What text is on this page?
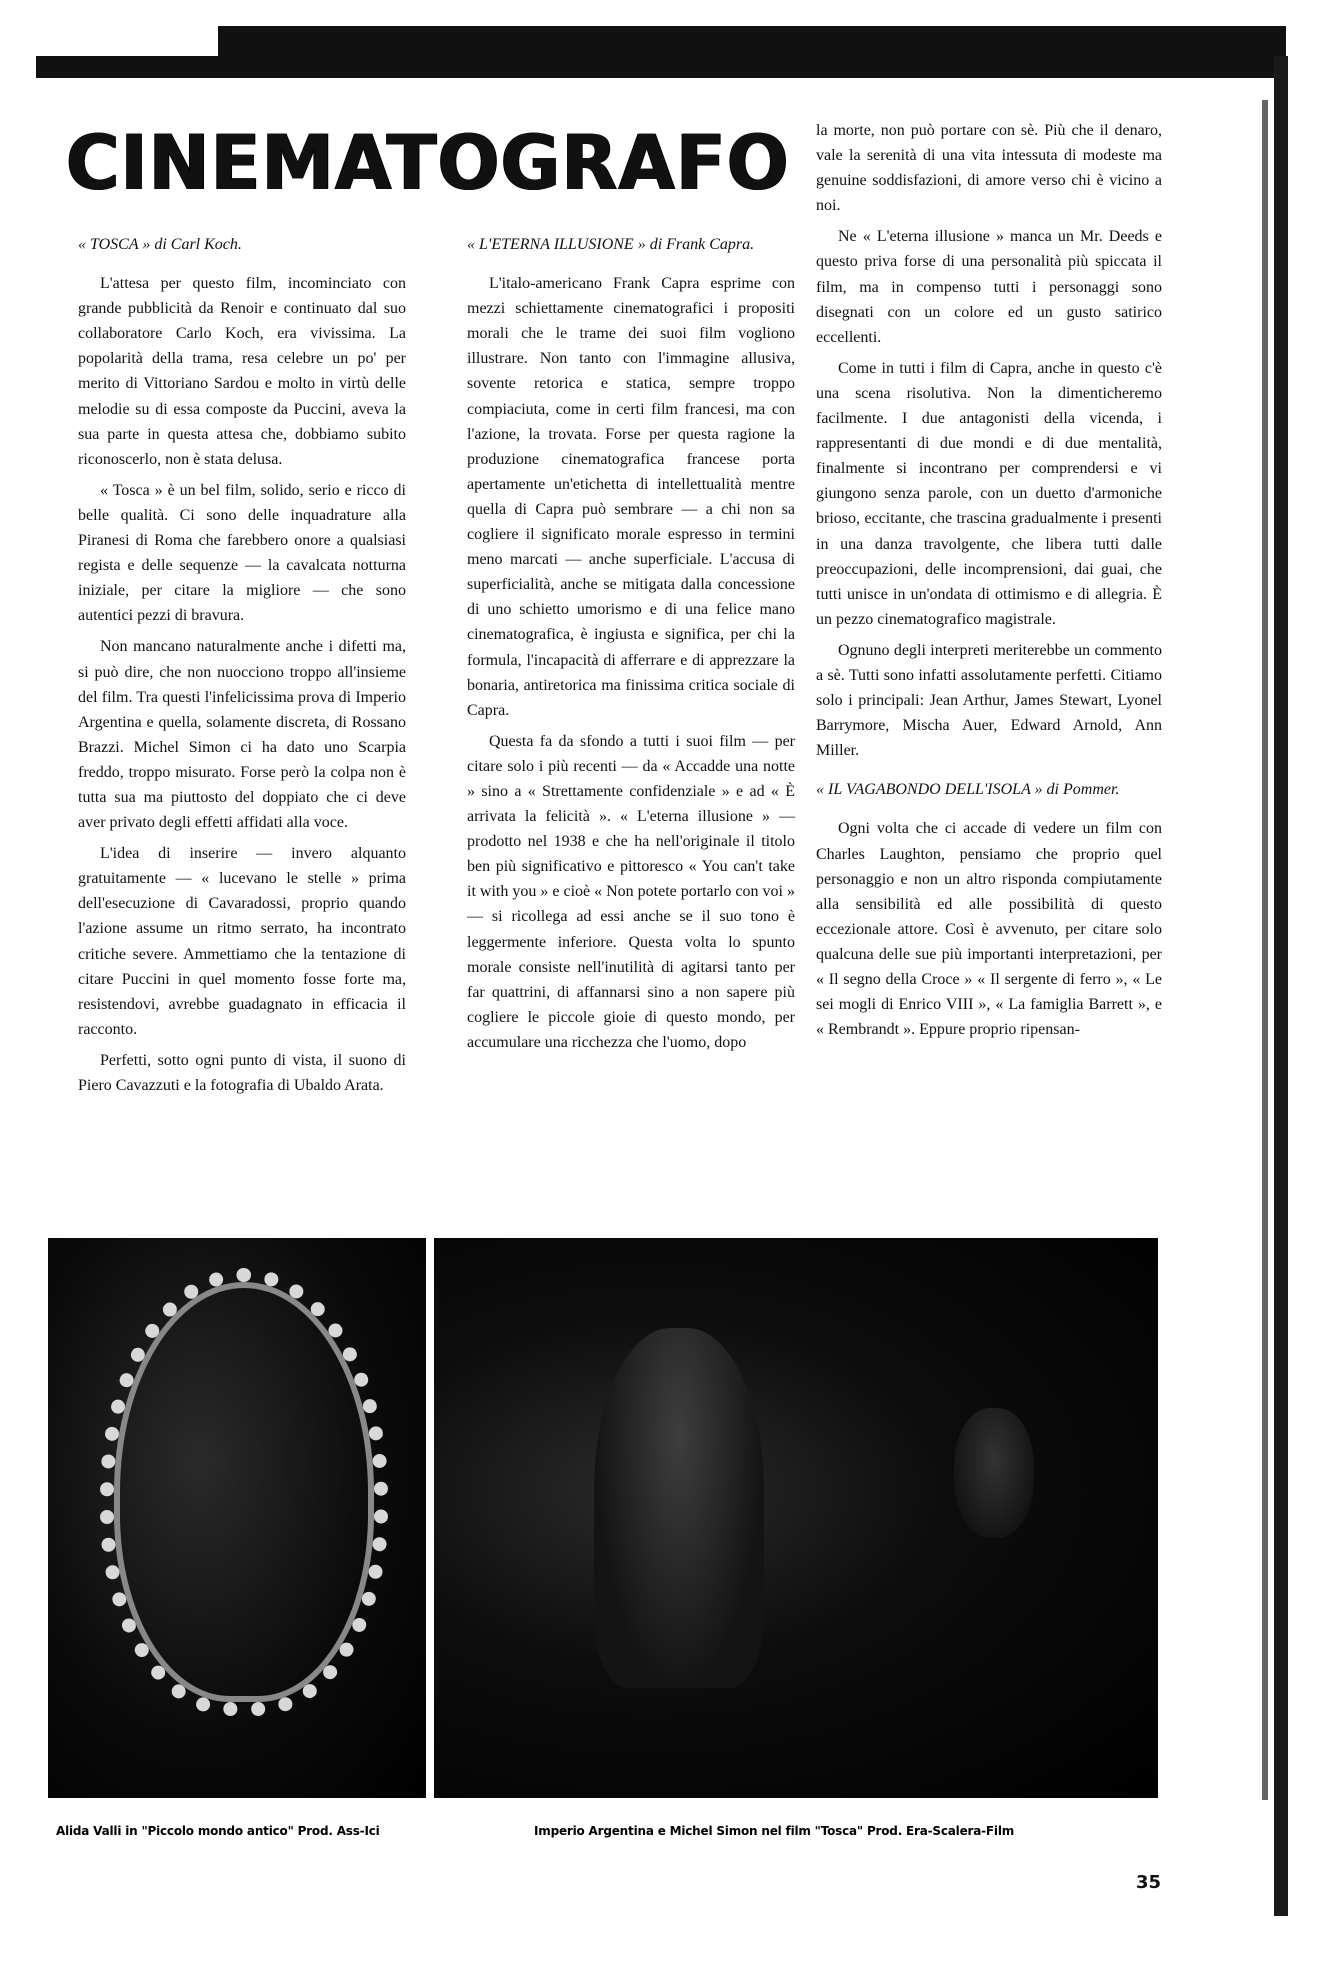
CINEMATOGRAFO
« TOSCA » di Carl Koch.

L'attesa per questo film, incominciato con grande pubblicità da Renoir e continuato dal suo collaboratore Carlo Koch, era vivissima. La popolarità della trama, resa celebre un po' per merito di Vittoriano Sardou e molto in virtù delle melodie su di essa composte da Puccini, aveva la sua parte in questa attesa che, dobbiamo subito riconoscerlo, non è stata delusa.

« Tosca » è un bel film, solido, serio e ricco di belle qualità. Ci sono delle inquadrature alla Piranesi di Roma che farebbero onore a qualsiasi regista e delle sequenze — la cavalcata notturna iniziale, per citare la migliore — che sono autentici pezzi di bravura.

Non mancano naturalmente anche i difetti ma, si può dire, che non nuocciono troppo all'insieme del film. Tra questi l'infelicissima prova di Imperio Argentina e quella, solamente discreta, di Rossano Brazzi. Michel Simon ci ha dato uno Scarpia freddo, troppo misurato. Forse però la colpa non è tutta sua ma piuttosto del doppiato che ci deve aver privato degli effetti affidati alla voce.

L'idea di inserire — invero alquanto gratuitamente — « lucevano le stelle » prima dell'esecuzione di Cavaradossi, proprio quando l'azione assume un ritmo serrato, ha incontrato critiche severe. Ammettiamo che la tentazione di citare Puccini in quel momento fosse forte ma, resistendovi, avrebbe guadagnato in efficacia il racconto.

Perfetti, sotto ogni punto di vista, il suono di Piero Cavazzuti e la fotografia di Ubaldo Arata.

« L'ETERNA ILLUSIONE » di Frank Capra.

L'italo-americano Frank Capra esprime con mezzi schiettamente cinematografici i propositi morali che le trame dei suoi film vogliono illustrare. Non tanto con l'immagine allusiva, sovente retorica e statica, sempre troppo compiaciuta, come in certi film francesi, ma con l'azione, la trovata. Forse per questa ragione la produzione cinematografica francese porta apertamente un'etichetta di intellettualità mentre quella di Capra può sembrare — a chi non sa cogliere il significato morale espresso in termini meno marcati — anche superficiale. L'accusa di superficialità, anche se mitigata dalla concessione di uno schietto umorismo e di una felice mano cinematografica, è ingiusta e significa, per chi la formula, l'incapacità di afferrare e di apprezzare la bonaria, antiretorica ma finissima critica sociale di Capra.

Questa fa da sfondo a tutti i suoi film — per citare solo i più recenti — da « Accadde una notte » sino a « Strettamente confidenziale » e ad « È arrivata la felicità ». « L'eterna illusione » — prodotto nel 1938 e che ha nell'originale il titolo ben più significativo e pittoresco « You can't take it with you » e cioè « Non potete portarlo con voi » — si ricollega ad essi anche se il suo tono è leggermente inferiore. Questa volta lo spunto morale consiste nell'inutilità di agitarsi tanto per far quattrini, di affannarsi sino a non sapere più cogliere le piccole gioie di questo mondo, per accumulare una ricchezza che l'uomo, dopo

la morte, non può portare con sè. Più che il denaro, vale la serenità di una vita intessuta di modeste ma genuine soddisfazioni, di amore verso chi è vicino a noi.

Ne « L'eterna illusione » manca un Mr. Deeds e questo priva forse di una personalità più spiccata il film, ma in compenso tutti i personaggi sono disegnati con un colore ed un gusto satirico eccellenti.

Come in tutti i film di Capra, anche in questo c'è una scena risolutiva. Non la dimenticheremo facilmente. I due antagonisti della vicenda, i rappresentanti di due mondi e di due mentalità, finalmente si incontrano per comprendersi e vi giungono senza parole, con un duetto d'armoniche brioso, eccitante, che trascina gradualmente i presenti in una danza travolgente, che libera tutti dalle preoccupazioni, delle incomprensioni, dai guai, che tutti unisce in un'ondata di ottimismo e di allegria. È un pezzo cinematografico magistrale.

Ognuno degli interpreti meriterebbe un commento a sè. Tutti sono infatti assolutamente perfetti. Citiamo solo i principali: Jean Arthur, James Stewart, Lyonel Barrymore, Mischa Auer, Edward Arnold, Ann Miller.

« IL VAGABONDO DELL'ISOLA » di Pommer.

Ogni volta che ci accade di vedere un film con Charles Laughton, pensiamo che proprio quel personaggio e non un altro risponda compiutamente alla sensibilità ed alle possibilità di questo eccezionale attore. Così è avvenuto, per citare solo qualcuna delle sue più importanti interpretazioni, per « Il segno della Croce » « Il sergente di ferro », « Le sei mogli di Enrico VIII », « La famiglia Barrett », e « Rembrandt ». Eppure proprio ripensan-

Alida Valli in "Piccolo mondo antico" Prod. Ass-Ici	Imperio Argentina e Michel Simon nel film "Tosca" Prod. Era-Scalera-Film
35
